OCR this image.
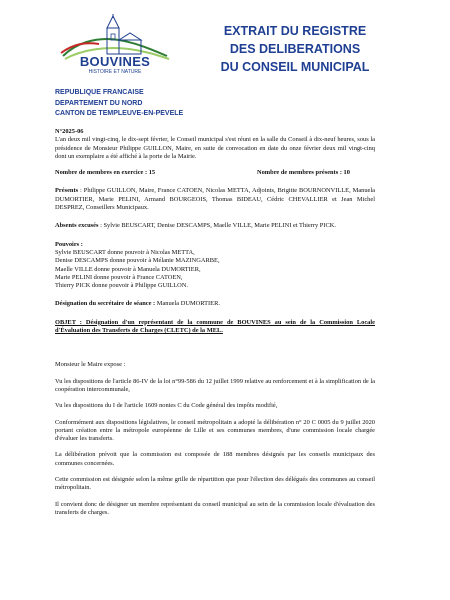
BOUVINES
HISTOIRE ET NATURE
EXTRAIT DU REGISTRE
DES DELIBERATIONS
DU CONSEIL MUNICIPAL
REPUBLIQUE FRANCAISE
DEPARTEMENT DU NORD
CANTON DE TEMPLEUVE-EN-PEVELE

N°2025-06

L'an deux mil vingt-cinq, le dix-sept février, le Conseil municipal s'est réuni en la salle du Conseil à dix-neuf heures, sous la présidence de Monsieur Philippe GUILLON, Maire, en suite de convocation en date du onze février deux mil vingt-cinq dont un exemplaire a été affiché à la porte de la Mairie.

Nombre de membres en exercice : 15	Nombre de membres présents : 10

Présents : Philippe GUILLON, Maire, France CATOEN, Nicolas METTA, Adjoints, Brigitte BOURNONVILLE, Manuela DUMORTIER, Marie PELINI, Armand BOURGEOIS, Thomas BIDEAU, Cédric CHEVALLIER et Jean Michel DESPREZ, Conseillers Municipaux.

Absents excusés : Sylvie BEUSCART, Denise DESCAMPS, Maelle VILLE, Marie PELINI et Thierry PICK.

Pouvoirs :

Sylvie BEUSCART donne pouvoir à Nicolas METTA,

Denise DESCAMPS donne pouvoir à Mélanie MAZINGARBE,

Maelle VILLE donne pouvoir à Manuela DUMORTIER,

Marie PELINI donne pouvoir à France CATOEN,

Thierry PICK donne pouvoir à Philippe GUILLON.

Désignation du secrétaire de séance : Manuela DUMORTIER.

OBJET : Désignation d'un représentant de la commune de BOUVINES au sein de la Commission Locale d'Évaluation des Transferts de Charges (CLETC) de la MEL.

Monsieur le Maire expose :

Vu les dispositions de l'article 86-IV de la loi n°99-586 du 12 juillet 1999 relative au renforcement et à la simplification de la coopération intercommunale,

Vu les dispositions du I de l'article 1609 nonies C du Code général des impôts modifié,

Conformément aux dispositions législatives, le conseil métropolitain a adopté la délibération n° 20 C 0005 du 9 juillet 2020 portant création entre la métropole européenne de Lille et ses communes membres, d'une commission locale chargée d'évaluer les transferts.

La délibération prévoit que la commission est composée de 188 membres désignés par les conseils municipaux des communes concernées.

Cette commission est désignée selon la même grille de répartition que pour l'élection des délégués des communes au conseil métropolitain.

Il convient donc de désigner un membre représentant du conseil municipal au sein de la commission locale d'évaluation des transferts de charges.
